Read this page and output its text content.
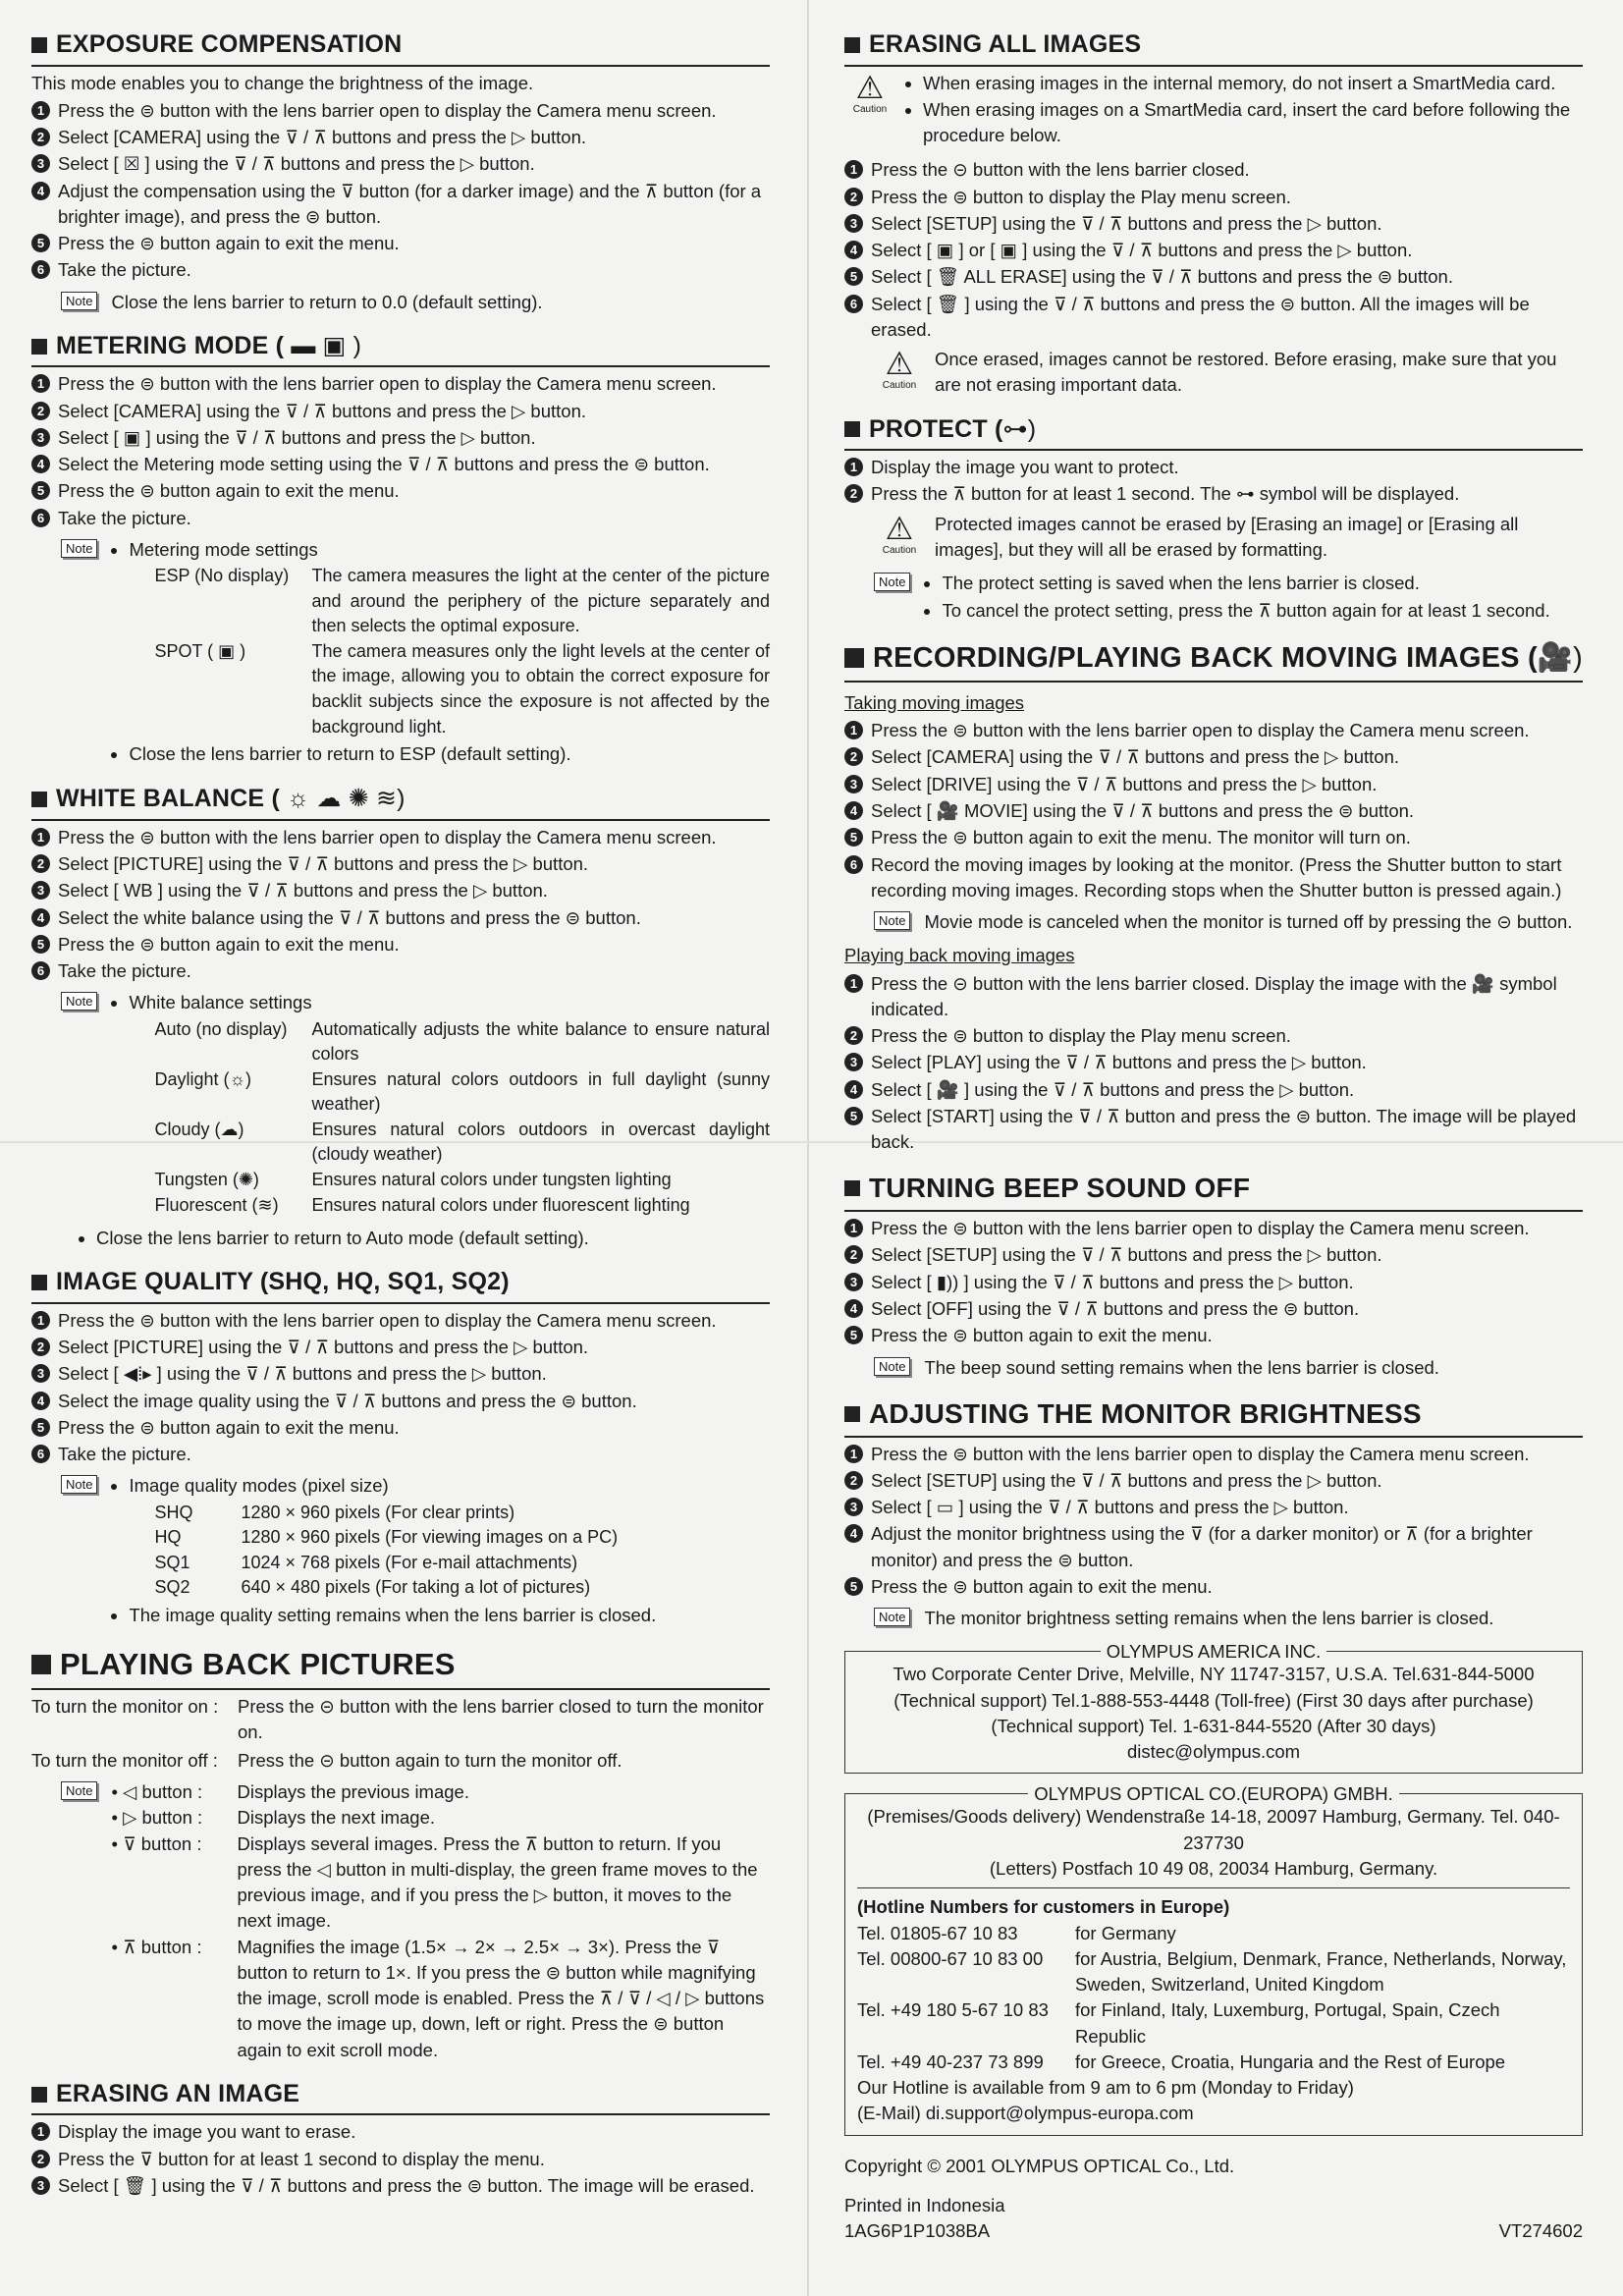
EXPOSURE COMPENSATION

This mode enables you to change the brightness of the image.

1 Press the ⊜ button with the lens barrier open to display the Camera menu screen.
2 Select [CAMERA] using the ⊽ / ⊼ buttons and press the ▷ button.
3 Select [ ☒ ] using the ⊽ / ⊼ buttons and press the ▷ button.
4 Adjust the compensation using the ⊽ button (for a darker image) and the ⊼ button (for a brighter image), and press the ⊜ button.
5 Press the ⊜ button again to exit the menu.
6 Take the picture.
Note Close the lens barrier to return to 0.0 (default setting).
METERING MODE (
▬ ▣ )
1 Press the ⊜ button with the lens barrier open to display the Camera menu screen.
2 Select [CAMERA] using the ⊽ / ⊼ buttons and press the ▷ button.
3 Select [ ▣ ] using the ⊽ / ⊼ buttons and press the ▷ button.
4 Select the Metering mode setting using the ⊽ / ⊼ buttons and press the ⊜ button.
5 Press the ⊜ button again to exit the menu.
6 Take the picture.
Note • Metering mode settings
ESP (No display)	The camera measures the light at the center of the picture and around the periphery of the picture separately and then selects the optimal exposure.
SPOT ( ▣ )	The camera measures only the light levels at the center of the image, allowing you to obtain the correct exposure for backlit subjects since the exposure is not affected by the background light.
• Close the lens barrier to return to ESP (default setting).
WHITE BALANCE (
☼ ☁ ✺ ≋)
1 Press the ⊜ button with the lens barrier open to display the Camera menu screen.
2 Select [PICTURE] using the ⊽ / ⊼ buttons and press the ▷ button.
3 Select [ WB ] using the ⊽ / ⊼ buttons and press the ▷ button.
4 Select the white balance using the ⊽ / ⊼ buttons and press the ⊜ button.
5 Press the ⊜ button again to exit the menu.
6 Take the picture.
Note • White balance settings
Auto (no display)	Automatically adjusts the white balance to ensure natural colors
Daylight (☼)	Ensures natural colors outdoors in full daylight (sunny weather)
Cloudy (☁)	Ensures natural colors outdoors in overcast daylight (cloudy weather)
Tungsten (✺)	Ensures natural colors under tungsten lighting
Fluorescent (≋)	Ensures natural colors under fluorescent lighting
• Close the lens barrier to return to Auto mode (default setting).
IMAGE QUALITY (SHQ, HQ, SQ1, SQ2)
1 Press the ⊜ button with the lens barrier open to display the Camera menu screen.
2 Select [PICTURE] using the ⊽ / ⊼ buttons and press the ▷ button.
3 Select [ ◀⁞▸ ] using the ⊽ / ⊼ buttons and press the ▷ button.
4 Select the image quality using the ⊽ / ⊼ buttons and press the ⊜ button.
5 Press the ⊜ button again to exit the menu.
6 Take the picture.
Note • Image quality modes (pixel size)
SHQ	1280 × 960 pixels (For clear prints)
HQ	1280 × 960 pixels (For viewing images on a PC)
SQ1	1024 × 768 pixels (For e-mail attachments)
SQ2	640 × 480 pixels (For taking a lot of pictures)
• The image quality setting remains when the lens barrier is closed.
PLAYING BACK PICTURES
To turn the monitor on :	Press the ⊝ button with the lens barrier closed to turn the monitor on.
To turn the monitor off :	Press the ⊝ button again to turn the monitor off.
Note • ◁ button :	Displays the previous image.
• ▷ button :	Displays the next image.
• ⊽ button :	Displays several images. Press the ⊼ button to return. If you press the ◁ button in multi-display, the green frame moves to the previous image, and if you press the ▷ button, it moves to the next image.
• ⊼ button :	Magnifies the image (1.5× → 2× → 2.5× → 3×). Press the ⊽ button to return to 1×. If you press the ⊜ button while magnifying the image, scroll mode is enabled. Press the ⊼ / ⊽ / ◁ / ▷ buttons to move the image up, down, left or right. Press the ⊜ button again to exit scroll mode.
ERASING AN IMAGE
1 Display the image you want to erase.
2 Press the ⊽ button for at least 1 second to display the menu.
3 Select [ 🗑 ] using the ⊽ / ⊼ buttons and press the ⊜ button. The image will be erased.
ERASING ALL IMAGES
⚠
Caution
• When erasing images in the internal memory, do not insert a SmartMedia card.
• When erasing images on a SmartMedia card, insert the card before following the procedure below.
1 Press the ⊝ button with the lens barrier closed.
2 Press the ⊜ button to display the Play menu screen.
3 Select [SETUP] using the ⊽ / ⊼ buttons and press the ▷ button.
4 Select [ ▣ ] or [ ▣ ] using the ⊽ / ⊼ buttons and press the ▷ button.
5 Select [ 🗑 ALL ERASE] using the ⊽ / ⊼ buttons and press the ⊜ button.
6 Select [ 🗑 ] using the ⊽ / ⊼ buttons and press the ⊜ button. All the images will be erased.
⚠
Caution
Once erased, images cannot be restored. Before erasing, make sure that you are not erasing important data.
PROTECT ( ⊶)
1 Display the image you want to protect.
2 Press the ⊼ button for at least 1 second. The ⊶ symbol will be displayed.
⚠
Caution
Protected images cannot be erased by [Erasing an image] or [Erasing all images], but they will all be erased by formatting.
Note • The protect setting is saved when the lens barrier is closed.
• To cancel the protect setting, press the ⊼ button again for at least 1 second.
RECORDING/PLAYING BACK MOVING IMAGES ( 🎥)
Taking moving images
1 Press the ⊜ button with the lens barrier open to display the Camera menu screen.
2 Select [CAMERA] using the ⊽ / ⊼ buttons and press the ▷ button.
3 Select [DRIVE] using the ⊽ / ⊼ buttons and press the ▷ button.
4 Select [ 🎥 MOVIE] using the ⊽ / ⊼ buttons and press the ⊜ button.
5 Press the ⊜ button again to exit the menu. The monitor will turn on.
6 Record the moving images by looking at the monitor. (Press the Shutter button to start recording moving images. Recording stops when the Shutter button is pressed again.)
Note Movie mode is canceled when the monitor is turned off by pressing the ⊝ button.
Playing back moving images
1 Press the ⊝ button with the lens barrier closed. Display the image with the 🎥 symbol indicated.
2 Press the ⊜ button to display the Play menu screen.
3 Select [PLAY] using the ⊽ / ⊼ buttons and press the ▷ button.
4 Select [ 🎥 ] using the ⊽ / ⊼ buttons and press the ▷ button.
5 Select [START] using the ⊽ / ⊼ button and press the ⊜ button. The image will be played back.
TURNING BEEP SOUND OFF
1 Press the ⊜ button with the lens barrier open to display the Camera menu screen.
2 Select [SETUP] using the ⊽ / ⊼ buttons and press the ▷ button.
3 Select [ ▮)) ] using the ⊽ / ⊼ buttons and press the ▷ button.
4 Select [OFF] using the ⊽ / ⊼ buttons and press the ⊜ button.
5 Press the ⊜ button again to exit the menu.
Note The beep sound setting remains when the lens barrier is closed.
ADJUSTING THE MONITOR BRIGHTNESS
1 Press the ⊜ button with the lens barrier open to display the Camera menu screen.
2 Select [SETUP] using the ⊽ / ⊼ buttons and press the ▷ button.
3 Select [ ▭ ] using the ⊽ / ⊼ buttons and press the ▷ button.
4 Adjust the monitor brightness using the ⊽ (for a darker monitor) or ⊼ (for a brighter monitor) and press the ⊜ button.
5 Press the ⊜ button again to exit the menu.
Note The monitor brightness setting remains when the lens barrier is closed.
OLYMPUS AMERICA INC.
Two Corporate Center Drive, Melville, NY 11747-3157, U.S.A. Tel.631-844-5000
(Technical support) Tel.1-888-553-4448 (Toll-free) (First 30 days after purchase)
(Technical support) Tel. 1-631-844-5520 (After 30 days)
distec@olympus.com
OLYMPUS OPTICAL CO.(EUROPA) GMBH.
(Premises/Goods delivery) Wendenstraße 14-18, 20097 Hamburg, Germany. Tel. 040-237730
(Letters) Postfach 10 49 08, 20034 Hamburg, Germany.
(Hotline Numbers for customers in Europe)
Tel. 01805-67 10 83	for Germany
Tel. 00800-67 10 83 00	for Austria, Belgium, Denmark, France, Netherlands, Norway, Sweden, Switzerland, United Kingdom
Tel. +49 180 5-67 10 83	for Finland, Italy, Luxemburg, Portugal, Spain, Czech Republic
Tel. +49 40-237 73 899	for Greece, Croatia, Hungaria and the Rest of Europe
Our Hotline is available from 9 am to 6 pm (Monday to Friday)
(E-Mail) di.support@olympus-europa.com
Copyright © 2001 OLYMPUS OPTICAL Co., Ltd.
Printed in Indonesia
1AG6P1P1038BA	VT274602
